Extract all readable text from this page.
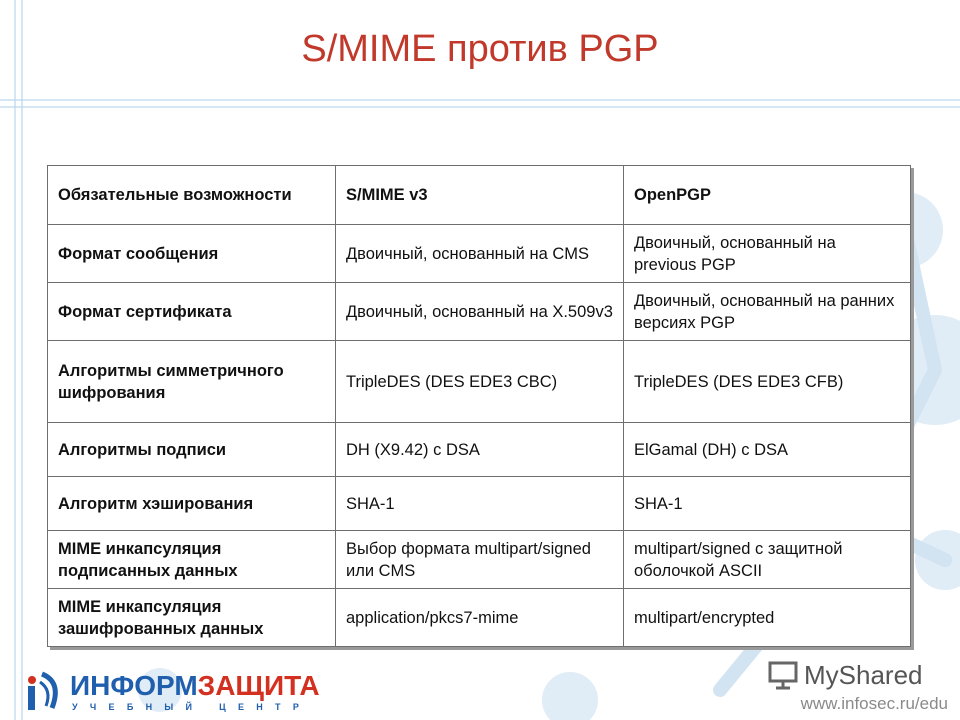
S/MIME против PGP
Обязательные возможности	S/MIME v3	OpenPGP
Формат сообщения	Двоичный, основанный на CMS	Двоичный, основанный на previous PGP
Формат сертификата	Двоичный, основанный на X.509v3	Двоичный, основанный на ранних версиях PGP
Алгоритмы симметричного шифрования	TripleDES (DES EDE3 CBC)	TripleDES (DES EDE3 CFB)
Алгоритмы подписи	DH (X9.42) с DSA	ElGamal (DH) с DSA
Алгоритм хэширования	SHA-1	SHA-1
MIME инкапсуляция подписанных данных	Выбор формата multipart/signed или CMS	multipart/signed с защитной оболочкой ASCII
MIME инкапсуляция зашифрованных данных	application/pkcs7-mime	multipart/encrypted
ИНФОРМЗАЩИТА
УЧЕБНЫЙ ЦЕНТР
MyShared
www.infosec.ru/edu
